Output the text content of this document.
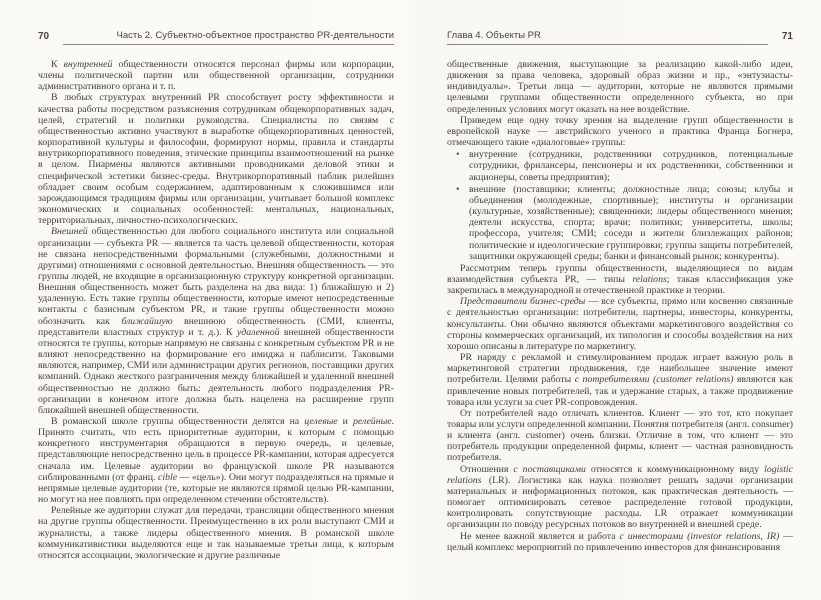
70	Часть 2. Субъектно-объектное пространство PR-деятельности

К внутренней общественности относятся персонал фирмы или корпорации, члены политической партии или общественной организации, сотрудники административного органа и т. п.

В любых структурах внутренний PR способствует росту эффективности и качества работы посредством разъяснения сотрудникам общекорпоративных задач, целей, стратегий и политики руководства. Специалисты по связям с общественностью активно участвуют в выработке общекорпоративных ценностей, корпоративной культуры и философии, формируют нормы, правила и стандарты внутрикорпоративного поведения, этические принципы взаимоотношений на рынке в целом. Пиармены являются активными проводниками деловой этики и специфической эстетики бизнес-среды. Внутрикорпоративный паблик рилейшнз обладает своим особым содержанием, адаптированным к сложившимся или зарождающимся традициям фирмы или организации, учитывает большой комплекс экономических и социальных особенностей: ментальных, национальных, территориальных, личностно-психологических.

Внешней общественностью для любого социального института или социальной организации — субъекта PR — является та часть целевой общественности, которая не связана непосредственными формальными (служебными, должностными и другими) отношениями с основной деятельностью. Внешняя общественность — это группы людей, не входящие в организационную структуру конкретной организации. Внешняя общественность может быть разделена на два вида: 1) ближайшую и 2) удаленную. Есть такие группы общественности, которые имеют непосредственные контакты с базисным субъектом PR, и такие группы общественности можно обозначить как ближайшую внешнюю общественность (СМИ, клиенты, представители властных структур и т. д.). К удаленной внешней общественности относятся те группы, которые напрямую не связаны с конкретным субъектом PR и не влияют непосредственно на формирование его имиджа и паблисити. Таковыми являются, например, СМИ или администрации других регионов, поставщики других компаний. Однако жесткого разграничения между ближайшей и удаленной внешней общественностью не должно быть: деятельность любого подразделения PR-организации в конечном итоге должна быть нацелена на расширение групп ближайшей внешней общественности.

В романской школе группы общественности делятся на целевые и релейные. Принято считать, что есть приоритетные аудитории, к которым с помощью конкретного инструментария обращаются в первую очередь, и целевые, представляющие непосредственно цель в процессе PR-кампании, которая адресуется сначала им. Целевые аудитории во французской школе PR называются сиблированными (от франц. cible — «цель»). Они могут подразделяться на прямые и непрямые целевые аудитории (те, которые не являются прямой целью PR-кампании, но могут на нее повлиять при определенном стечении обстоятельств).

Релейные же аудитории служат для передачи, трансляции общественного мнения на другие группы общественности. Преимущественно в их роли выступают СМИ и журналисты, а также лидеры общественного мнения. В романской школе коммуникативистики выделяются еще и так называемые третьи лица, к которым относятся ассоциации, экологические и другие различные

Глава 4. Объекты PR	71

общественные движения, выступающие за реализацию какой-либо идеи, движения за права человека, здоровый образ жизни и пр., «энтузиасты-индивидуалы». Третьи лица — аудитории, которые не являются прямыми целевыми группами общественности определенного субъекта, но при определенных условиях могут оказать на нее воздействие.

Приведем еще одну точку зрения на выделение групп общественности в европейской науке — австрийского ученого и практика Франца Богнера, отмечающего такие «диалоговые» группы:

• внутренние (сотрудники, родственники сотрудников, потенциальные сотрудники, фрилансеры, пенсионеры и их родственники, собственники и акционеры, советы предприятия);

• внешние (поставщики; клиенты; должностные лица; союзы; клубы и объединения (молодежные, спортивные); институты и организации (культурные, хозяйственные); священники; лидеры общественного мнения; деятели искусства, спорта; врачи; политики; университеты, школы; профессора, учителя; СМИ; соседи и жители близлежащих районов; политические и идеологические группировки; группы защиты потребителей, защитники окружающей среды; банки и финансовый рынок; конкуренты).

Рассмотрим теперь группы общественности, выделяющиеся по видам взаимодействия субъекта PR, — типы relations; такая классификация уже закрепилась в международной и отечественной практике и теории.

Представители бизнес-среды — все субъекты, прямо или косвенно связанные с деятельностью организации: потребители, партнеры, инвесторы, конкуренты, консультанты. Они обычно являются объектами маркетингового воздействия со стороны коммерческих организаций, их типология и способы воздействия на них хорошо описаны в литературе по маркетингу.

PR наряду с рекламой и стимулированием продаж играет важную роль в маркетинговой стратегии продвижения, где наибольшее значение имеют потребители. Целями работы с потребителями (customer relations) являются как привлечение новых потребителей, так и удержание старых, а также продвижение товара или услуги за счет PR-сопровождения.

От потребителей надо отличать клиентов. Клиент — это тот, кто покупает товары или услуги определенной компании. Понятия потребителя (англ. consumer) и клиента (англ. customer) очень близки. Отличие в том, что клиент — это потребитель продукции определенной фирмы, клиент — частная разновидность потребителя.

Отношения с поставщиками относятся к коммуникационному виду logistic relations (LR). Логистика как наука позволяет решать задачи организации материальных и информационных потоков, как практическая деятельность — помогает оптимизировать сетевое распределение готовой продукции, контролировать сопутствующие расходы. LR отражает коммуникации организации по поводу ресурсных потоков во внутренней и внешней среде.

Не менее важной является и работа с инвесторами (investor relations, IR) — целый комплекс мероприятий по привлечению инвесторов для финансирования
